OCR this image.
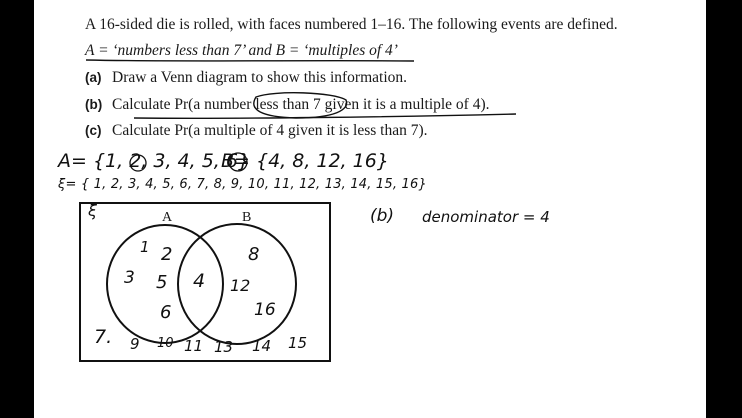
A 16-sided die is rolled, with faces numbered 1–16. The following events are defined.
A = ‘numbers less than 7’ and B = ‘multiples of 4’
(a) Draw a Venn diagram to show this information.
(b) Calculate Pr(a number less than 7 given it is a multiple of 4).
(c) Calculate Pr(a multiple of 4 given it is less than 7).
A= {1, 2, 3, 4, 5, 6}
B= {4, 8, 12, 16}
ξ= { 1, 2, 3, 4, 5, 6, 7, 8, 9, 10, 11, 12, 13, 14, 15, 16}
(b) denominator = 4
ξ	A	B
1 2
3 5
6
4
8
12
16
7. 9 10 11 13 14 15
